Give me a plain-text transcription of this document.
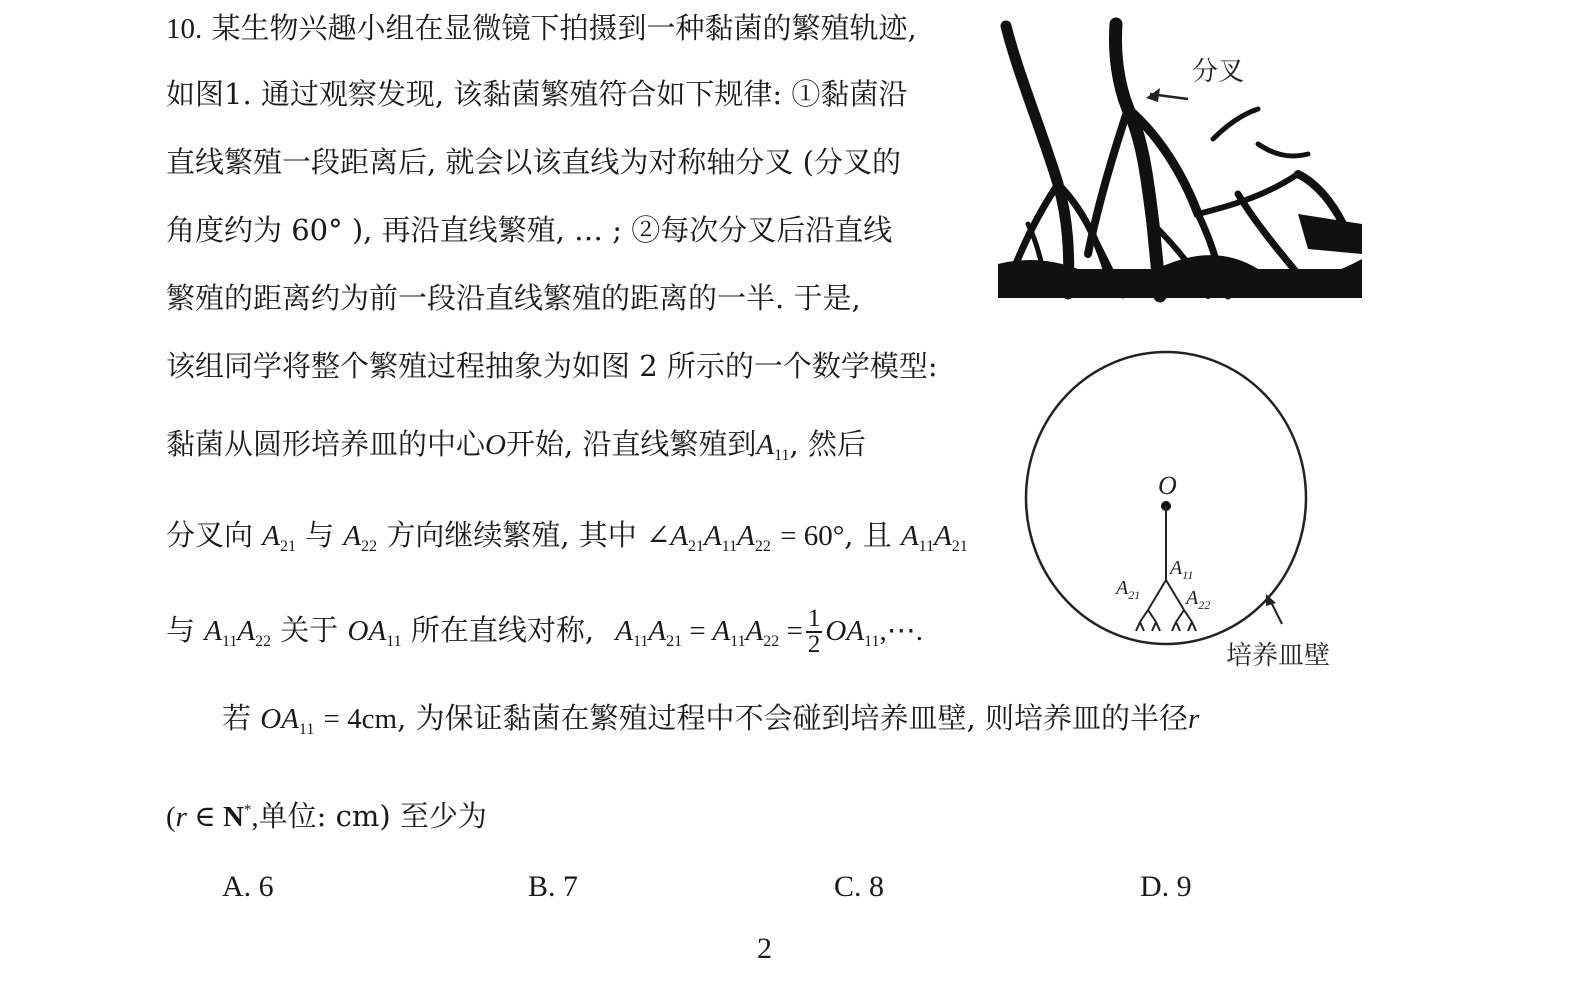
10. 某生物兴趣小组在显微镜下拍摄到一种黏菌的繁殖轨迹,
如图1. 通过观察发现, 该黏菌繁殖符合如下规律: ①黏菌沿
直线繁殖一段距离后, 就会以该直线为对称轴分叉 (分叉的
角度约为 60° ), 再沿直线繁殖, … ; ②每次分叉后沿直线
繁殖的距离约为前一段沿直线繁殖的距离的一半. 于是,
该组同学将整个繁殖过程抽象为如图 2 所示的一个数学模型:
黏菌从圆形培养皿的中心O开始, 沿直线繁殖到$A_{11}$, 然后
分叉向 $A_{21}$ 与 $A_{22}$ 方向继续繁殖, 其中 $\angle A_{21}A_{11}A_{22} = 60^\circ$, 且 $A_{11}A_{21}$
与 $A_{11}A_{22}$ 关于 $OA_{11}$ 所在直线对称, $A_{11}A_{21} = A_{11}A_{22} = \frac{1}{2}$ $OA_{11},\cdots$.
若 $OA_{11} = 4cm$, 为保证黏菌在繁殖过程中不会碰到培养皿壁, 则培养皿的半径r
(r ∈ N*,单位: cm) 至少为
A. 6	B. 7	C. 8	D. 9
2
分叉
O
$A_{11}$
$A_{21}$ $A_{22}$
培养皿壁
